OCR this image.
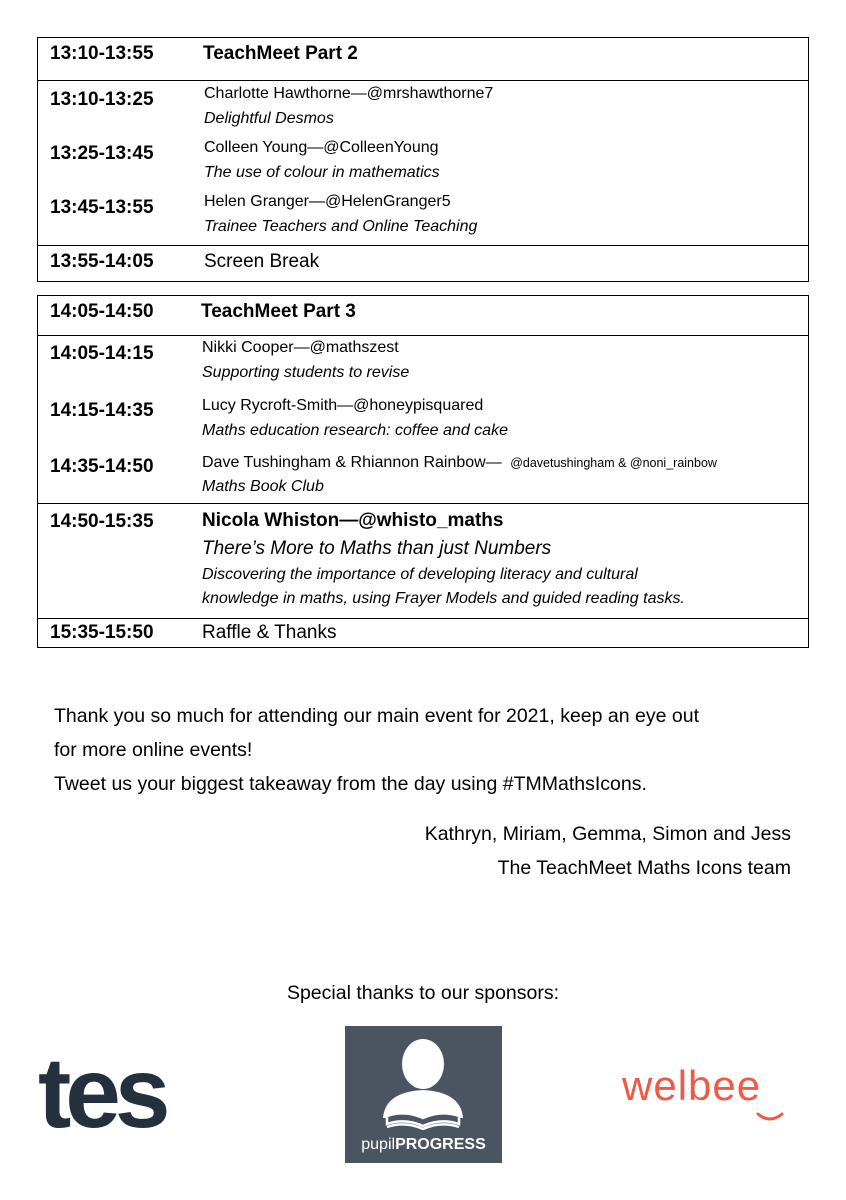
13:10-13:55	TeachMeet Part 2
13:10-13:25	Charlotte Hawthorne—@mrshawthorne7
Delightful Desmos
13:25-13:45	Colleen Young—@ColleenYoung
The use of colour in mathematics
13:45-13:55	Helen Granger—@HelenGranger5
Trainee Teachers and Online Teaching
13:55-14:05	Screen Break
14:05-14:50 TeachMeet Part 3
14:05-14:15	Nikki Cooper—@mathszest
Supporting students to revise
14:15-14:35	Lucy Rycroft-Smith—@honeypisquared
Maths education research: coffee and cake
14:35-14:50	Dave Tushingham & Rhiannon Rainbow— @davetushingham & @noni_rainbow
Maths Book Club
14:50-15:35	Nicola Whiston—@whisto_maths
There’s More to Maths than just Numbers
Discovering the importance of developing literacy and cultural
knowledge in maths, using Frayer Models and guided reading tasks.
15:35-15:50	Raffle & Thanks
Thank you so much for attending our main event for 2021, keep an eye out
for more online events!
Tweet us your biggest takeaway from the day using #TMMathsIcons.
Kathryn, Miriam, Gemma, Simon and Jess
The TeachMeet Maths Icons team
Special thanks to our sponsors:
tes	pupilPROGRESS
welbee
